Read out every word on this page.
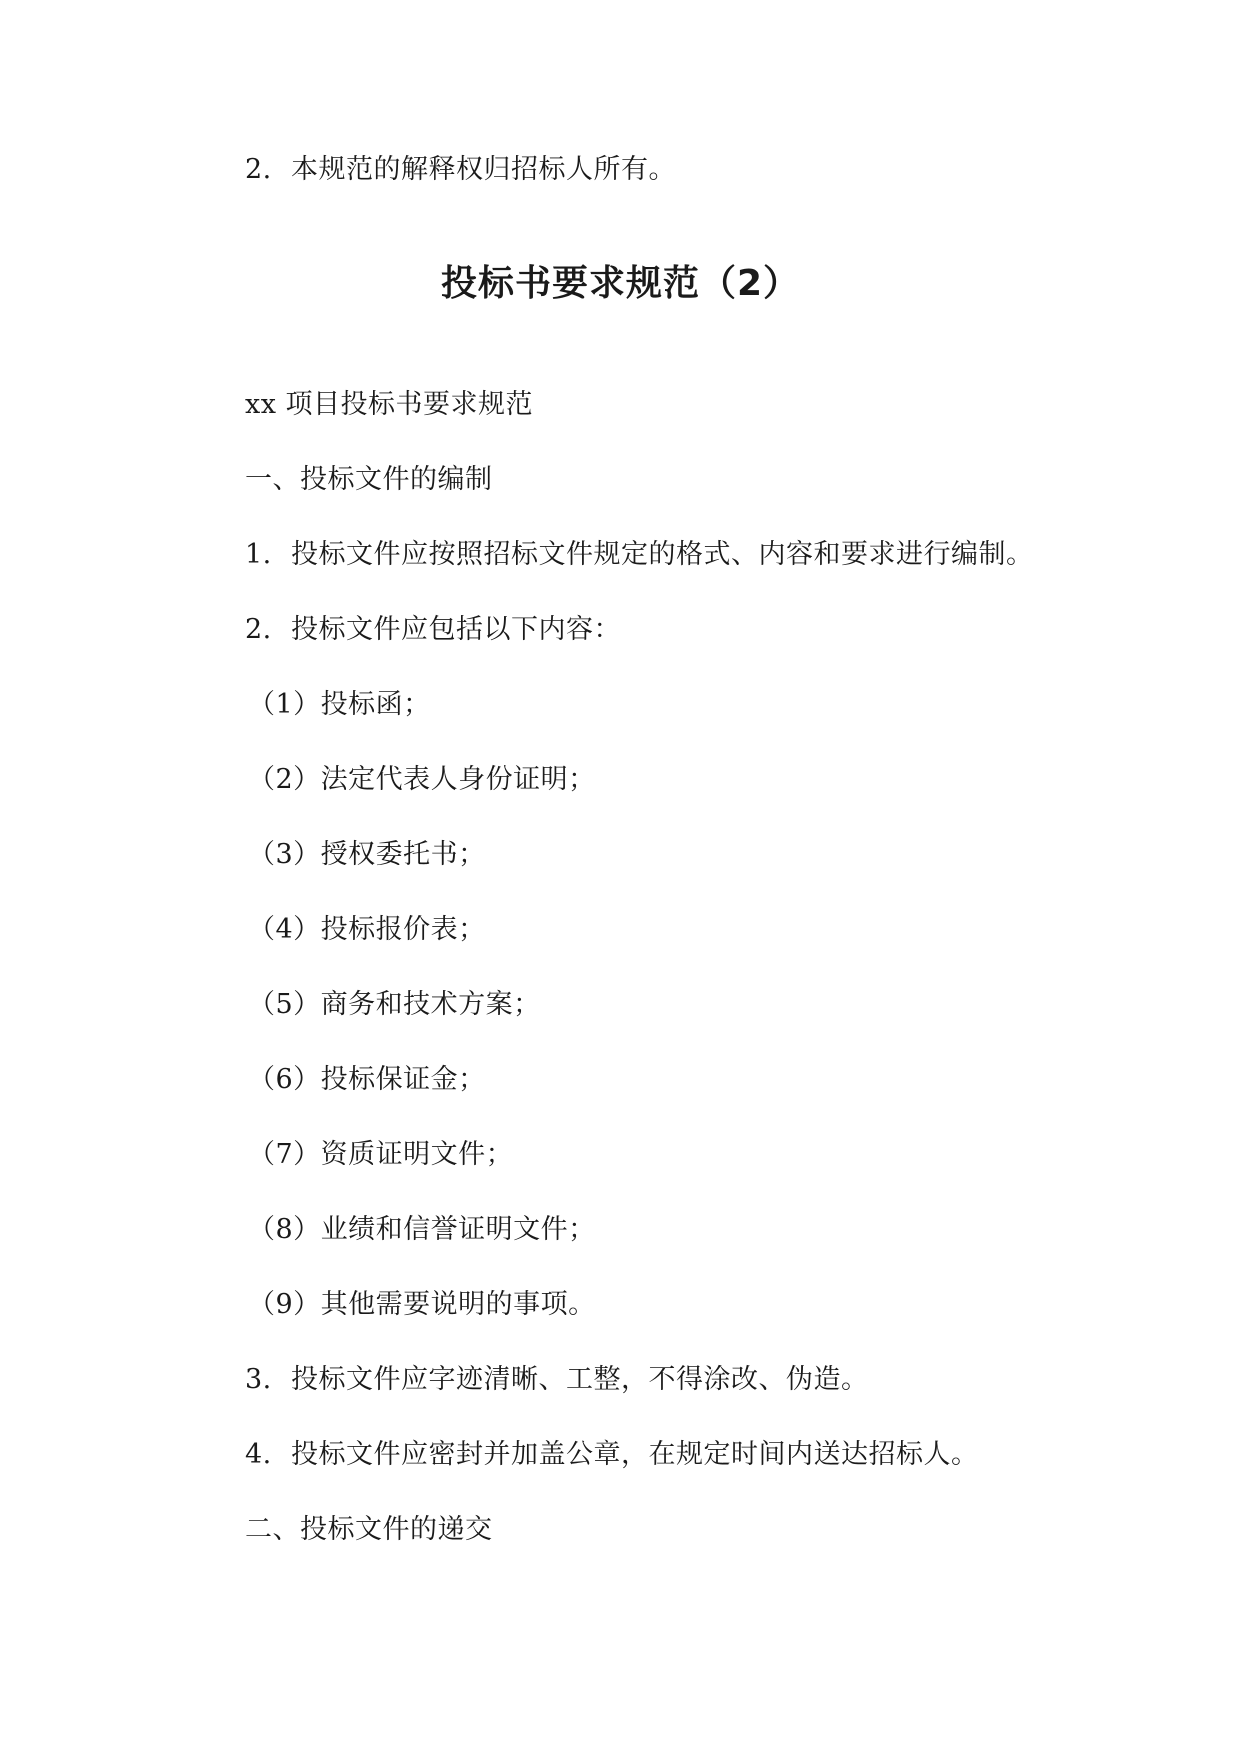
2. 本规范的解释权归招标人所有。
投标书要求规范（2）
xx 项目投标书要求规范
一、投标文件的编制
1. 投标文件应按照招标文件规定的格式、内容和要求进行编制。
2. 投标文件应包括以下内容：
（1）投标函；
（2）法定代表人身份证明；
（3）授权委托书；
（4）投标报价表；
（5）商务和技术方案；
（6）投标保证金；
（7）资质证明文件；
（8）业绩和信誉证明文件；
（9）其他需要说明的事项。
3. 投标文件应字迹清晰、工整，不得涂改、伪造。
4. 投标文件应密封并加盖公章，在规定时间内送达招标人。
二、投标文件的递交
